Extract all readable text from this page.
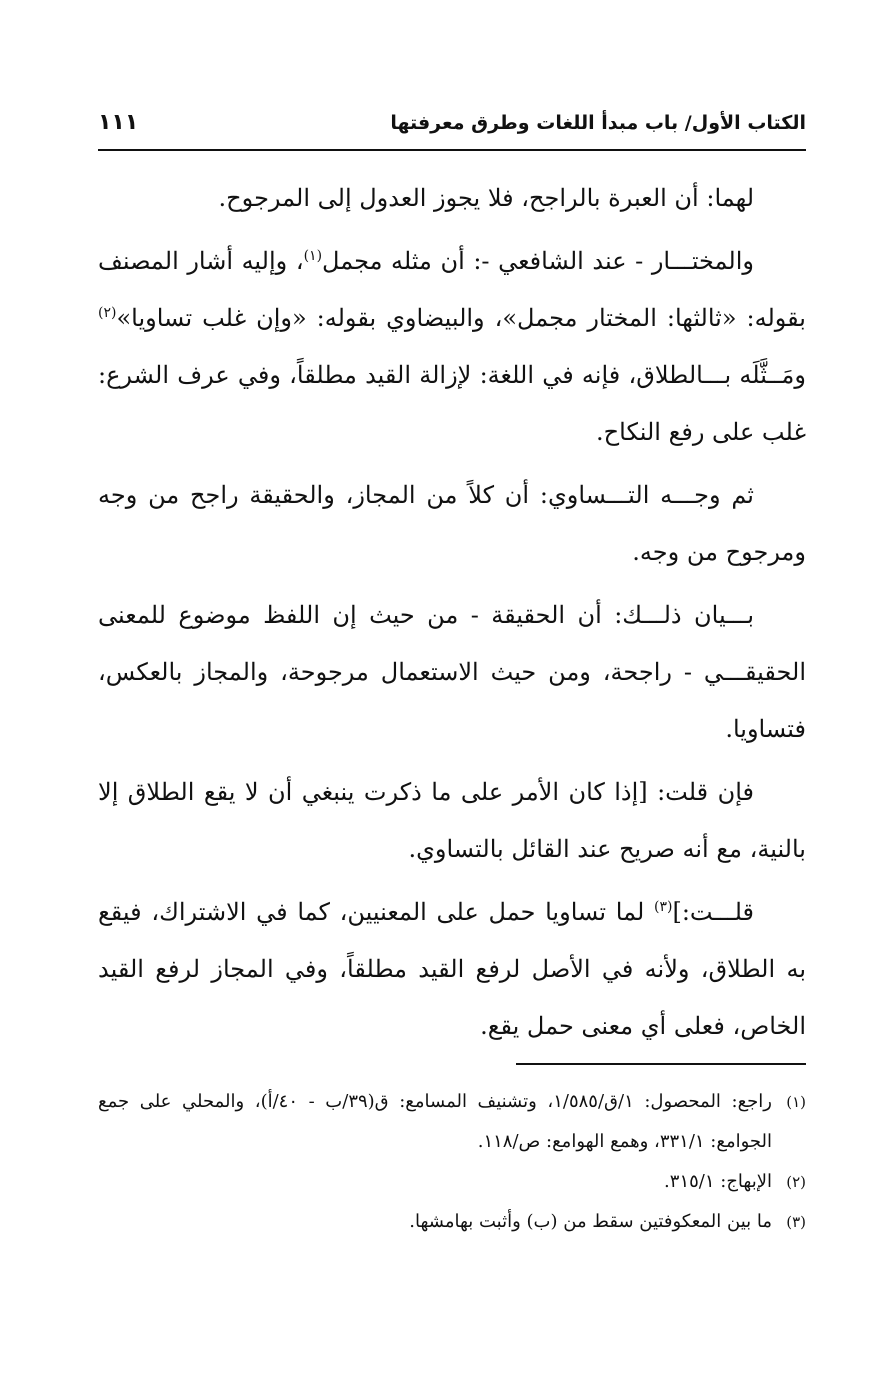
الكتاب الأول/ باب مبدأ اللغات وطرق معرفتها
١١١

لهما: أن العبرة بالراجح، فلا يجوز العدول إلى المرجوح.

والمختـــار - عند الشافعي -: أن مثله مجمل$^{(١)}$، وإليه أشار المصنف بقوله: «ثالثها: المختار مجمل»، والبيضاوي بقوله: «وإن غلب تساويا»$^{(٢)}$ ومَــثَّلَه بـــالطلاق، فإنه في اللغة: لإزالة القيد مطلقاً، وفي عرف الشرع: غلب على رفع النكاح.

ثم وجـــه التـــساوي: أن كلاً من المجاز، والحقيقة راجح من وجه ومرجوح من وجه.

بـــيان ذلـــك: أن الحقيقة - من حيث إن اللفظ موضوع للمعنى الحقيقـــي - راجحة، ومن حيث الاستعمال مرجوحة، والمجاز بالعكس، فتساويا.

فإن قلت: [إذا كان الأمر على ما ذكرت ينبغي أن لا يقع الطلاق إلا بالنية، مع أنه صريح عند القائل بالتساوي.

قلـــت:]$^{(٣)}$ لما تساويا حمل على المعنيين، كما في الاشتراك، فيقع به الطلاق، ولأنه في الأصل لرفع القيد مطلقاً، وفي المجاز لرفع القيد الخاص، فعلى أي معنى حمل يقع.

(١)راجع: المحصول: ١/ق/١/٥٨٥، وتشنيف المسامع: ق(٣٩/ب - ٤٠/أ)، والمحلي على جمع الجوامع: ٣٣١/١، وهمع الهوامع: ص/١١٨.

(٢)الإبهاج: ٣١٥/١.

(٣)ما بين المعكوفتين سقط من (ب) وأثبت بهامشها.
